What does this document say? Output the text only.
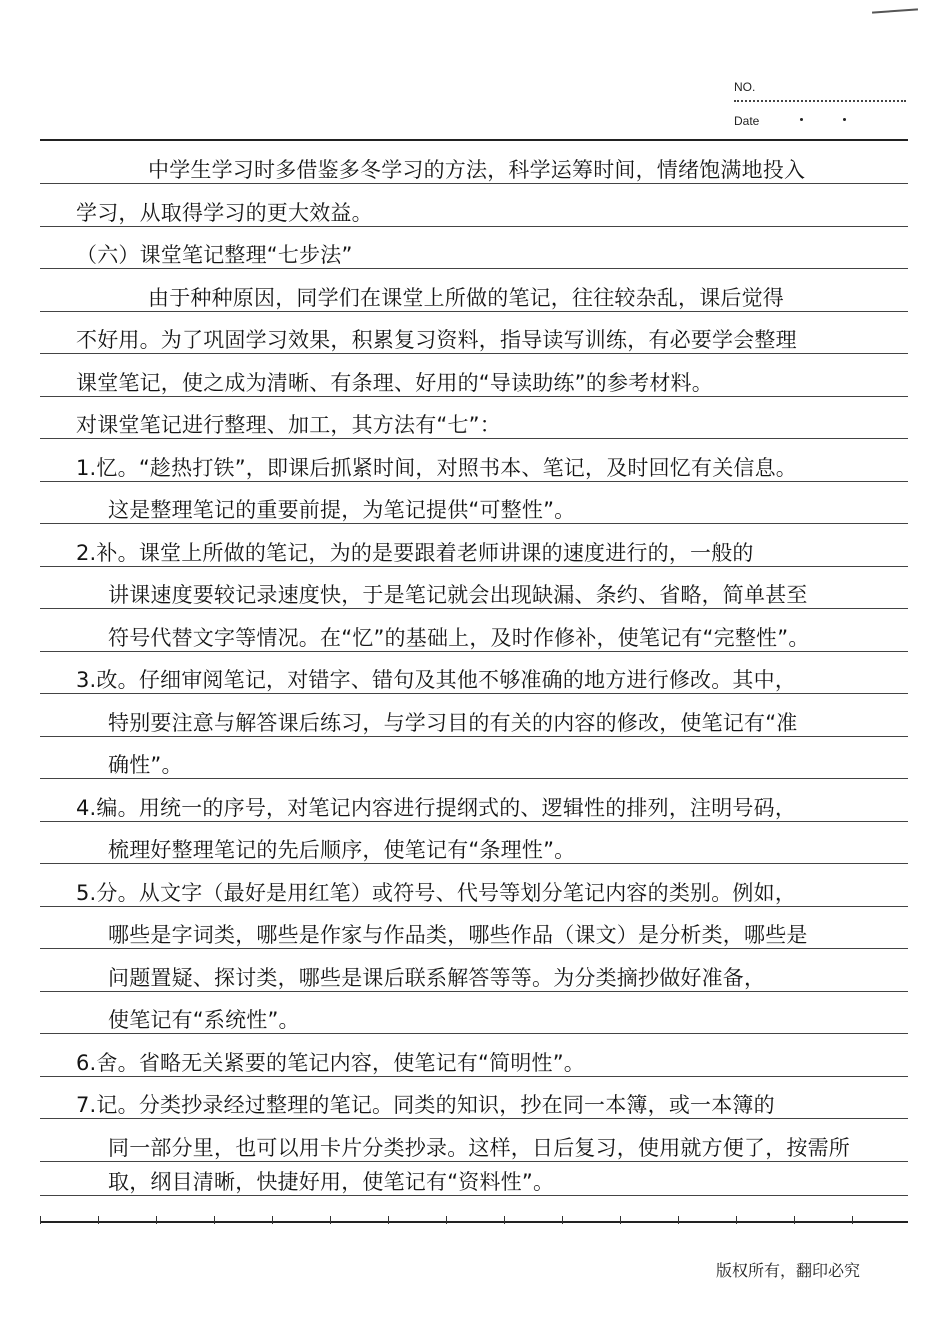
NO.
Date
中学生学习时多借鉴多冬学习的方法，科学运筹时间，情绪饱满地投入
学习，从取得学习的更大效益。
（六）课堂笔记整理“七步法”
由于种种原因，同学们在课堂上所做的笔记，往往较杂乱，课后觉得
不好用。为了巩固学习效果，积累复习资料，指导读写训练，有必要学会整理
课堂笔记，使之成为清晰、有条理、好用的“导读助练”的参考材料。
对课堂笔记进行整理、加工，其方法有“七”：
1.忆。“趁热打铁”，即课后抓紧时间，对照书本、笔记，及时回忆有关信息。
这是整理笔记的重要前提，为笔记提供“可整性”。
2.补。课堂上所做的笔记，为的是要跟着老师讲课的速度进行的，一般的
讲课速度要较记录速度快，于是笔记就会出现缺漏、条约、省略，简单甚至
符号代替文字等情况。在“忆”的基础上，及时作修补，使笔记有“完整性”。
3.改。仔细审阅笔记，对错字、错句及其他不够准确的地方进行修改。其中，
特别要注意与解答课后练习，与学习目的有关的内容的修改，使笔记有“准
确性”。
4.编。用统一的序号，对笔记内容进行提纲式的、逻辑性的排列，注明号码，
梳理好整理笔记的先后顺序，使笔记有“条理性”。
5.分。从文字（最好是用红笔）或符号、代号等划分笔记内容的类别。例如，
哪些是字词类，哪些是作家与作品类，哪些作品（课文）是分析类，哪些是
问题置疑、探讨类，哪些是课后联系解答等等。为分类摘抄做好准备，
使笔记有“系统性”。
6.舍。省略无关紧要的笔记内容，使笔记有“简明性”。
7.记。分类抄录经过整理的笔记。同类的知识，抄在同一本簿，或一本簿的
同一部分里，也可以用卡片分类抄录。这样，日后复习，使用就方便了，按需所
取，纲目清晰，快捷好用，使笔记有“资料性”。
版权所有，翻印必究
